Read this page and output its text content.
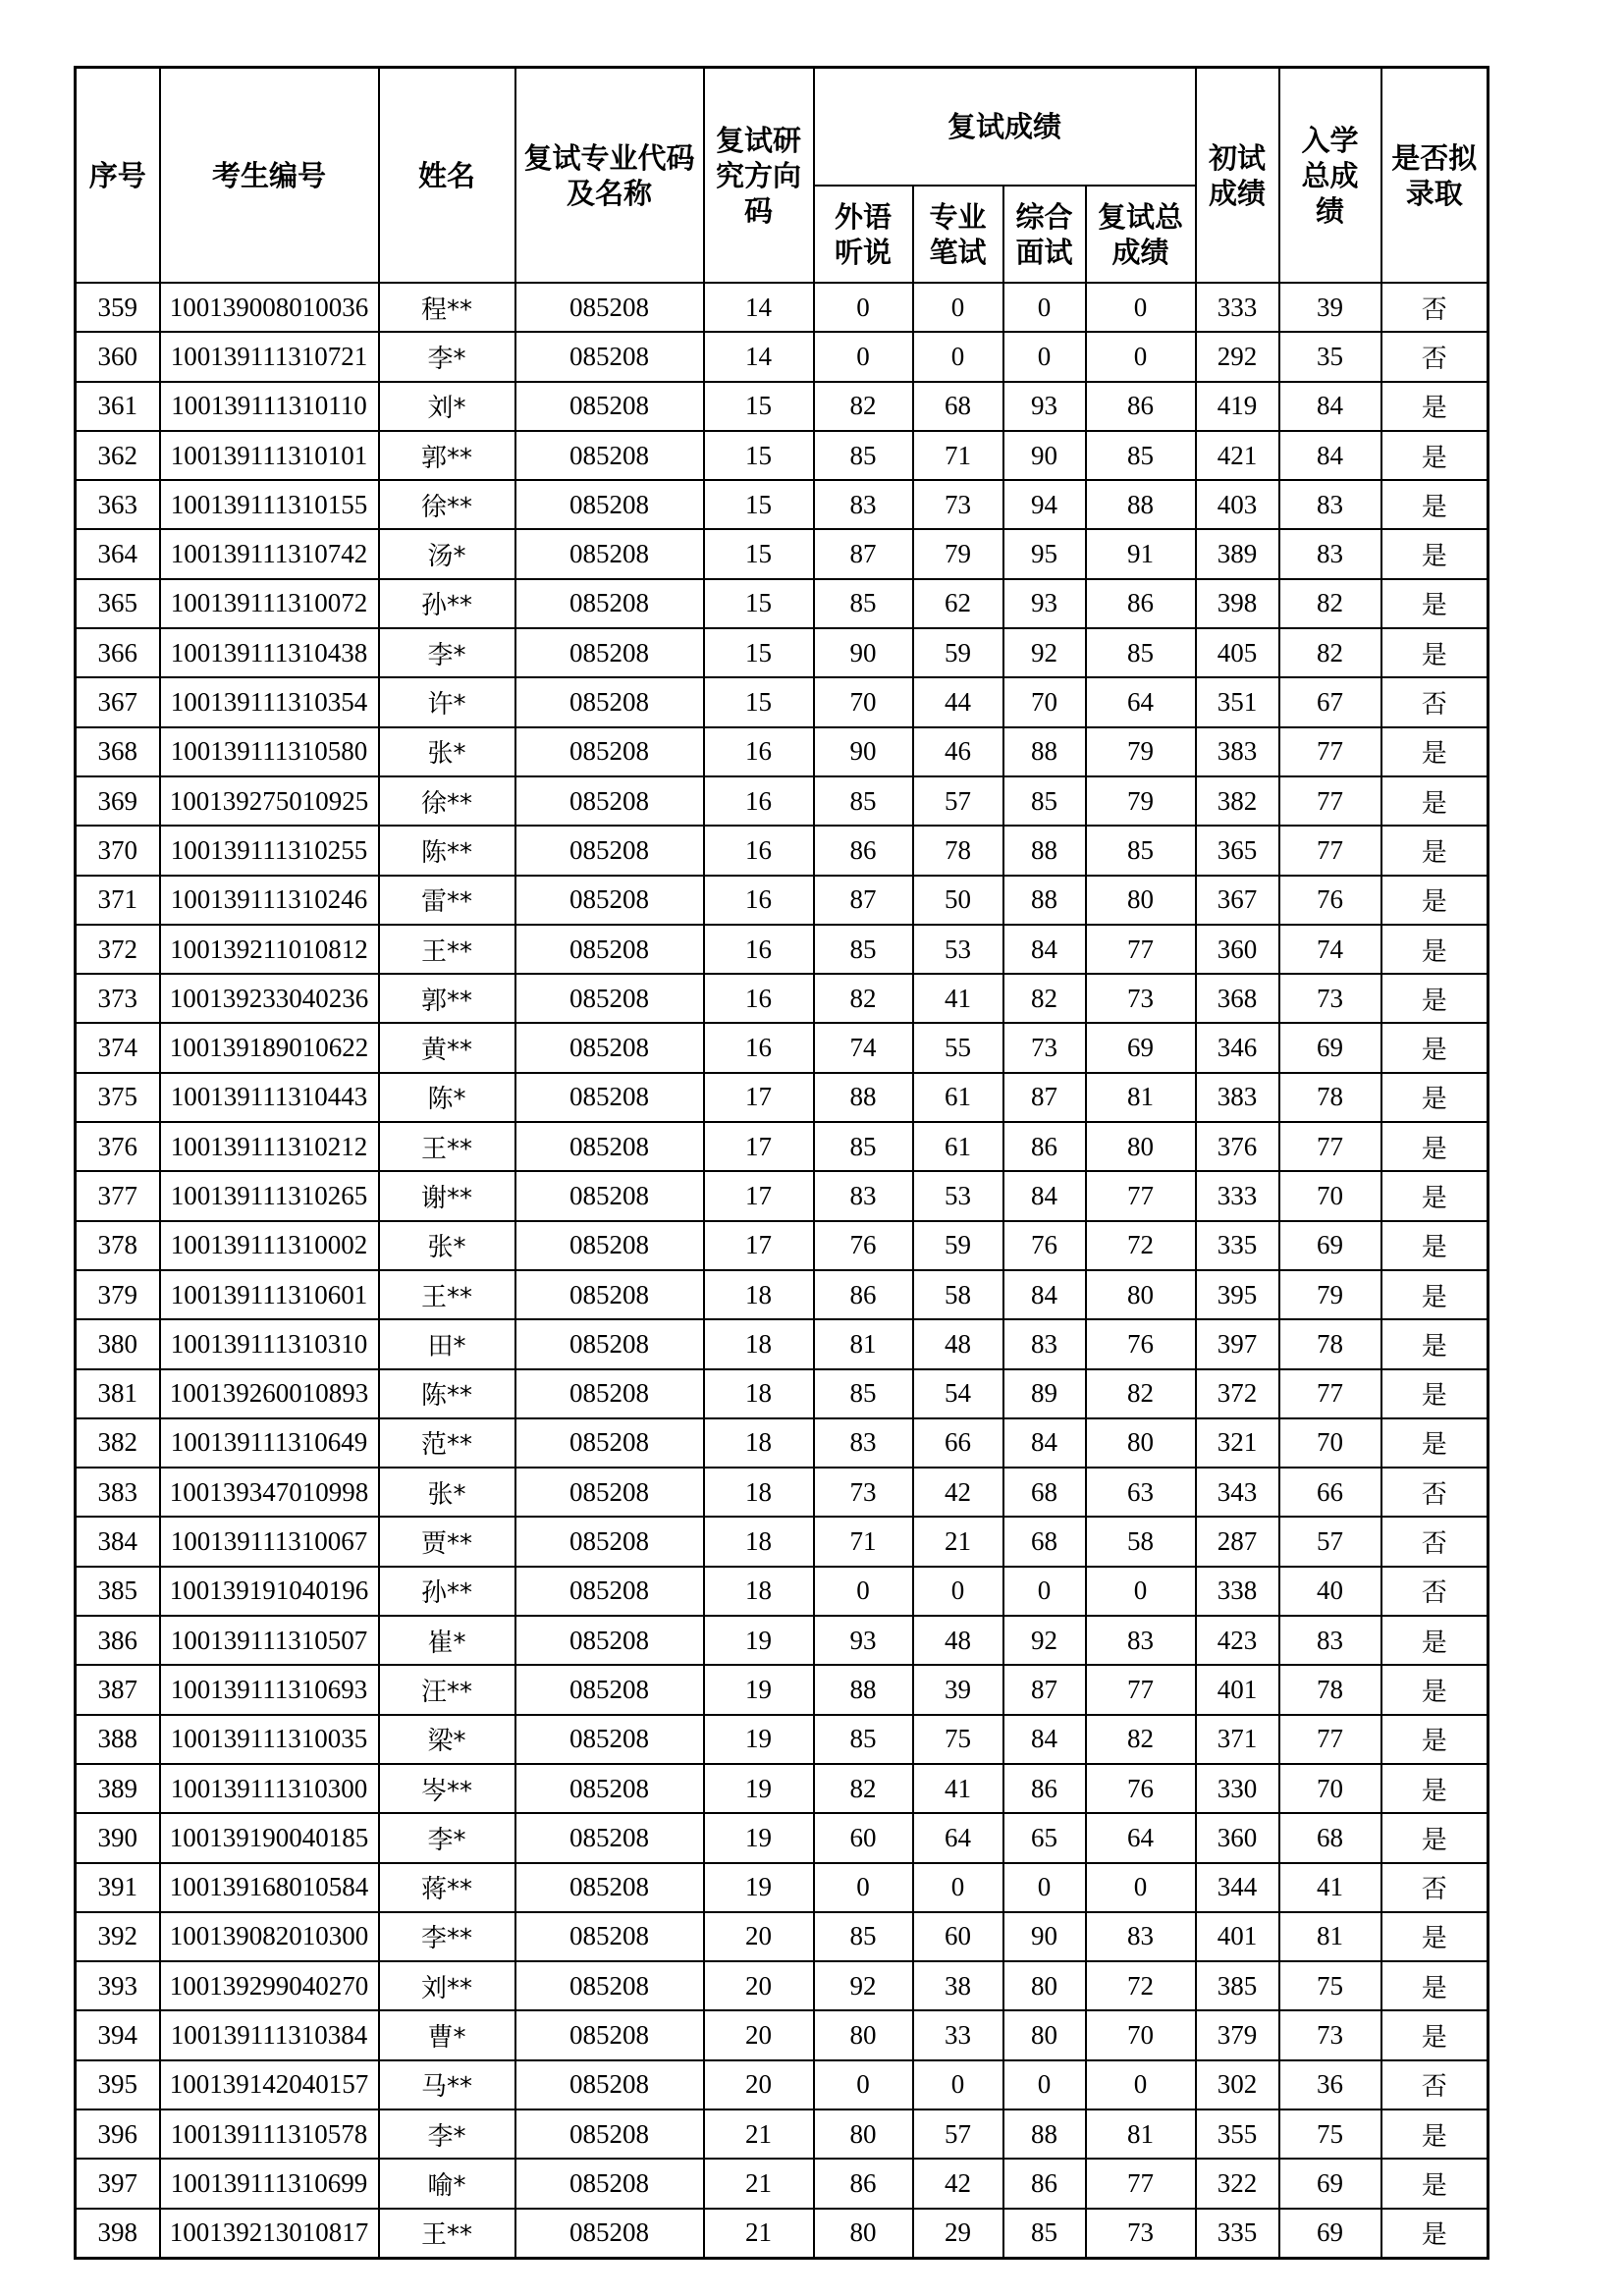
序号	考生编号	姓名	复试专业代码及名称	复试研究方向码	复试成绩				初试成绩	入学总成绩	是否拟录取
					外语听说	专业笔试	综合面试	复试总成绩			
359	100139008010036	程**	085208	14	0	0	0	0	333	39	否
360	100139111310721	李*	085208	14	0	0	0	0	292	35	否
361	100139111310110	刘*	085208	15	82	68	93	86	419	84	是
362	100139111310101	郭**	085208	15	85	71	90	85	421	84	是
363	100139111310155	徐**	085208	15	83	73	94	88	403	83	是
364	100139111310742	汤*	085208	15	87	79	95	91	389	83	是
365	100139111310072	孙**	085208	15	85	62	93	86	398	82	是
366	100139111310438	李*	085208	15	90	59	92	85	405	82	是
367	100139111310354	许*	085208	15	70	44	70	64	351	67	否
368	100139111310580	张*	085208	16	90	46	88	79	383	77	是
369	100139275010925	徐**	085208	16	85	57	85	79	382	77	是
370	100139111310255	陈**	085208	16	86	78	88	85	365	77	是
371	100139111310246	雷**	085208	16	87	50	88	80	367	76	是
372	100139211010812	王**	085208	16	85	53	84	77	360	74	是
373	100139233040236	郭**	085208	16	82	41	82	73	368	73	是
374	100139189010622	黄**	085208	16	74	55	73	69	346	69	是
375	100139111310443	陈*	085208	17	88	61	87	81	383	78	是
376	100139111310212	王**	085208	17	85	61	86	80	376	77	是
377	100139111310265	谢**	085208	17	83	53	84	77	333	70	是
378	100139111310002	张*	085208	17	76	59	76	72	335	69	是
379	100139111310601	王**	085208	18	86	58	84	80	395	79	是
380	100139111310310	田*	085208	18	81	48	83	76	397	78	是
381	100139260010893	陈**	085208	18	85	54	89	82	372	77	是
382	100139111310649	范**	085208	18	83	66	84	80	321	70	是
383	100139347010998	张*	085208	18	73	42	68	63	343	66	否
384	100139111310067	贾**	085208	18	71	21	68	58	287	57	否
385	100139191040196	孙**	085208	18	0	0	0	0	338	40	否
386	100139111310507	崔*	085208	19	93	48	92	83	423	83	是
387	100139111310693	汪**	085208	19	88	39	87	77	401	78	是
388	100139111310035	梁*	085208	19	85	75	84	82	371	77	是
389	100139111310300	岑**	085208	19	82	41	86	76	330	70	是
390	100139190040185	李*	085208	19	60	64	65	64	360	68	是
391	100139168010584	蒋**	085208	19	0	0	0	0	344	41	否
392	100139082010300	李**	085208	20	85	60	90	83	401	81	是
393	100139299040270	刘**	085208	20	92	38	80	72	385	75	是
394	100139111310384	曹*	085208	20	80	33	80	70	379	73	是
395	100139142040157	马**	085208	20	0	0	0	0	302	36	否
396	100139111310578	李*	085208	21	80	57	88	81	355	75	是
397	100139111310699	喻*	085208	21	86	42	86	77	322	69	是
398	100139213010817	王**	085208	21	80	29	85	73	335	69	是
